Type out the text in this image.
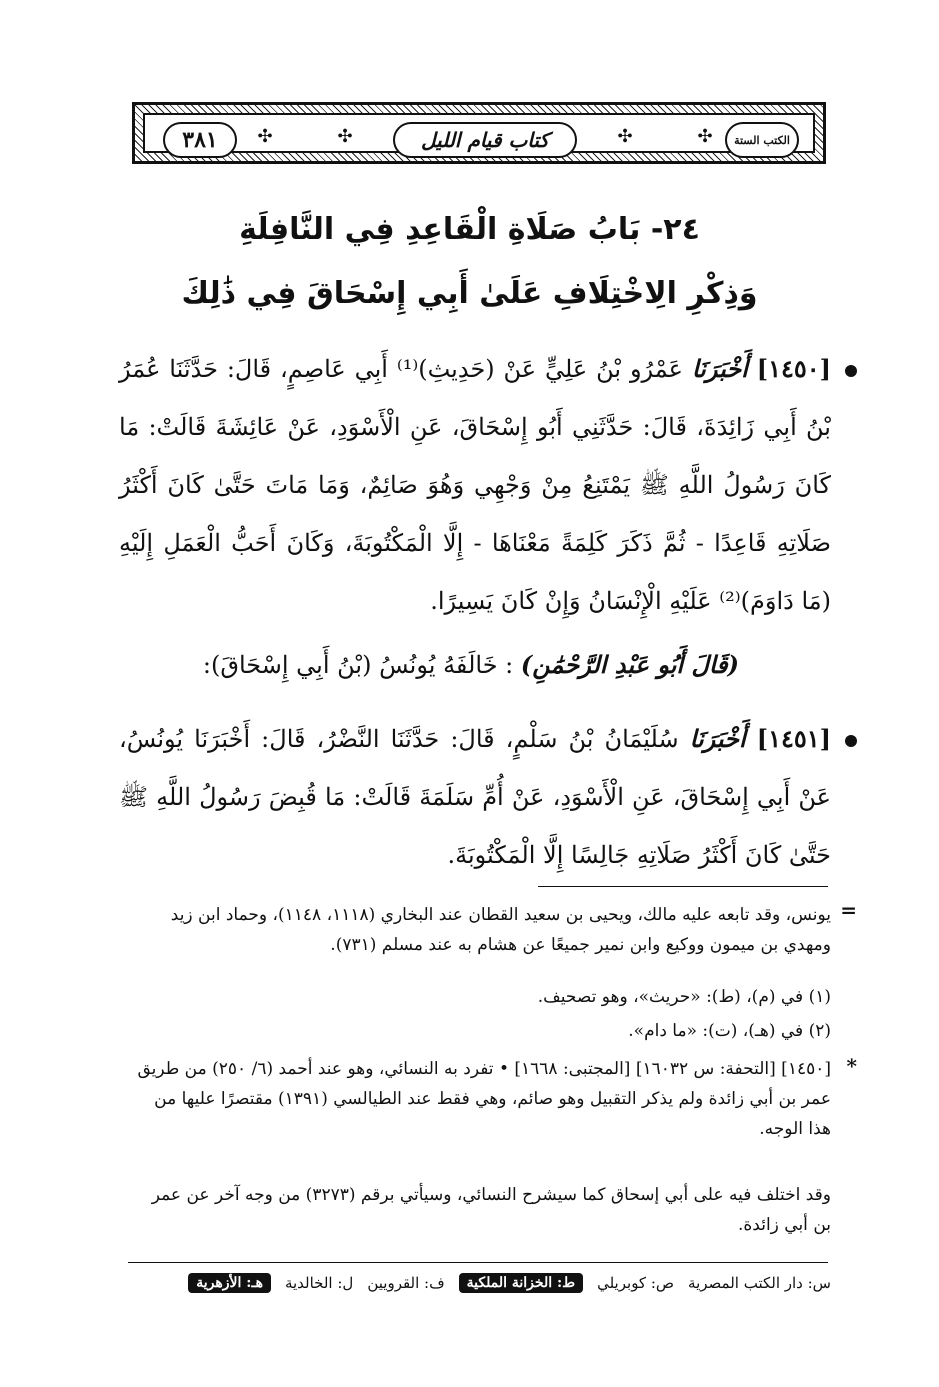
٣٨١	✣	✣	كتاب قيام الليل	✣	✣	الكتب الستة
٢٤- بَابُ صَلَاةِ الْقَاعِدِ فِي النَّافِلَةِ
وَذِكْرِ الِاخْتِلَافِ عَلَىٰ أَبِي إِسْحَاقَ فِي ذَٰلِكَ
[١٤٥٠] أَخْبَرَنَا عَمْرُو بْنُ عَلِيٍّ عَنْ (حَدِيثِ)⁽¹⁾ أَبِي عَاصِمٍ، قَالَ: حَدَّثَنَا عُمَرُ بْنُ أَبِي زَائِدَةَ، قَالَ: حَدَّثَنِي أَبُو إِسْحَاقَ، عَنِ الْأَسْوَدِ، عَنْ عَائِشَةَ قَالَتْ: مَا كَانَ رَسُولُ اللَّهِ ﷺ يَمْتَنِعُ مِنْ وَجْهِي وَهُوَ صَائِمٌ، وَمَا مَاتَ حَتَّىٰ كَانَ أَكْثَرُ صَلَاتِهِ قَاعِدًا - ثُمَّ ذَكَرَ كَلِمَةً مَعْنَاهَا - إِلَّا الْمَكْتُوبَةَ، وَكَانَ أَحَبُّ الْعَمَلِ إِلَيْهِ (مَا دَاوَمَ)⁽²⁾ عَلَيْهِ الْإِنْسَانُ وَإِنْ كَانَ يَسِيرًا.
(قَالَ أَبُو عَبْدِ الرَّحْمَٰنِ) : خَالَفَهُ يُونُسُ (بْنُ أَبِي إِسْحَاقَ):
[١٤٥١] أَخْبَرَنَا سُلَيْمَانُ بْنُ سَلْمٍ، قَالَ: حَدَّثَنَا النَّضْرُ، قَالَ: أَخْبَرَنَا يُونُسُ، عَنْ أَبِي إِسْحَاقَ، عَنِ الْأَسْوَدِ، عَنْ أُمِّ سَلَمَةَ قَالَتْ: مَا قُبِضَ رَسُولُ اللَّهِ ﷺ حَتَّىٰ كَانَ أَكْثَرُ صَلَاتِهِ جَالِسًا إِلَّا الْمَكْتُوبَةَ.
=
يونس، وقد تابعه عليه مالك، ويحيى بن سعيد القطان عند البخاري (١١١٨، ١١٤٨)، وحماد ابن زيد ومهدي بن ميمون ووكيع وابن نمير جميعًا عن هشام به عند مسلم (٧٣١).
(١) في (م)، (ط): «حريث»، وهو تصحيف.
(٢) في (هـ)، (ت): «ما دام».
*
[١٤٥٠] [التحفة: س ١٦٠٣٢] [المجتبى: ١٦٦٨] • تفرد به النسائي، وهو عند أحمد (٦/ ٢٥٠) من طريق عمر بن أبي زائدة ولم يذكر التقبيل وهو صائم، وهي فقط عند الطيالسي (١٣٩١) مقتصرًا عليها من هذا الوجه.
وقد اختلف فيه على أبي إسحاق كما سيشرح النسائي، وسيأتي برقم (٣٢٧٣) من وجه آخر عن عمر بن أبي زائدة.
س: دار الكتب المصرية
ص: كوبريلي
ط: الخزانة الملكية
ف: القرويين
ل: الخالدية
هـ: الأزهرية
